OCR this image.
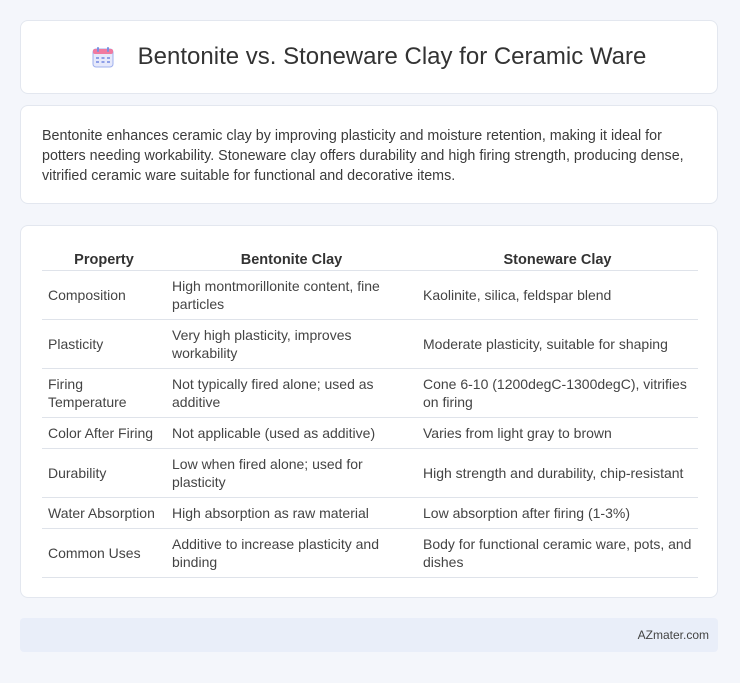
Bentonite vs. Stoneware Clay for Ceramic Ware

Bentonite enhances ceramic clay by improving plasticity and moisture retention, making it ideal for potters needing workability. Stoneware clay offers durability and high firing strength, producing dense, vitrified ceramic ware suitable for functional and decorative items.

Property	Bentonite Clay	Stoneware Clay
Composition	High montmorillonite content, fine particles	Kaolinite, silica, feldspar blend
Plasticity	Very high plasticity, improves workability	Moderate plasticity, suitable for shaping
Firing Temperature	Not typically fired alone; used as additive	Cone 6-10 (1200degC-1300degC), vitrifies on firing
Color After Firing	Not applicable (used as additive)	Varies from light gray to brown
Durability	Low when fired alone; used for plasticity	High strength and durability, chip-resistant
Water Absorption	High absorption as raw material	Low absorption after firing (1-3%)
Common Uses	Additive to increase plasticity and binding	Body for functional ceramic ware, pots, and dishes
AZmater.com
